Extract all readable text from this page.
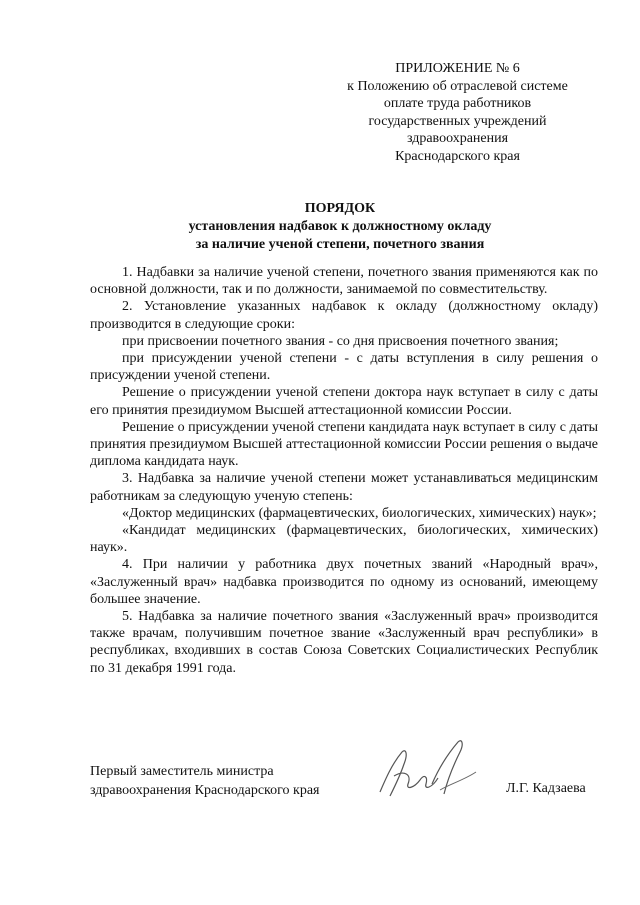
ПРИЛОЖЕНИЕ № 6
к Положению об отраслевой системе
оплате труда работников
государственных учреждений
здравоохранения
Краснодарского края
ПОРЯДОК
установления надбавок к должностному окладу
за наличие ученой степени, почетного звания

1. Надбавки за наличие ученой степени, почетного звания применяются как по основной должности, так и по должности, занимаемой по совместительству.

2. Установление указанных надбавок к окладу (должностному окладу) производится в следующие сроки:

при присвоении почетного звания - со дня присвоения почетного звания;

при присуждении ученой степени - с даты вступления в силу решения о присуждении ученой степени.

Решение о присуждении ученой степени доктора наук вступает в силу с даты его принятия президиумом Высшей аттестационной комиссии России.

Решение о присуждении ученой степени кандидата наук вступает в силу с даты принятия президиумом Высшей аттестационной комиссии России решения о выдаче диплома кандидата наук.

3. Надбавка за наличие ученой степени может устанавливаться медицинским работникам за следующую ученую степень:

«Доктор медицинских (фармацевтических, биологических, химических) наук»;

«Кандидат медицинских (фармацевтических, биологических, химических) наук».

4. При наличии у работника двух почетных званий «Народный врач», «Заслуженный врач» надбавка производится по одному из оснований, имеющему большее значение.

5. Надбавка за наличие почетного звания «Заслуженный врач» производится также врачам, получившим почетное звание «Заслуженный врач республики» в республиках, входивших в состав Союза Советских Социалистических Республик по 31 декабря 1991 года.

Первый заместитель министра
здравоохранения Краснодарского края	Л.Г. Кадзаева
